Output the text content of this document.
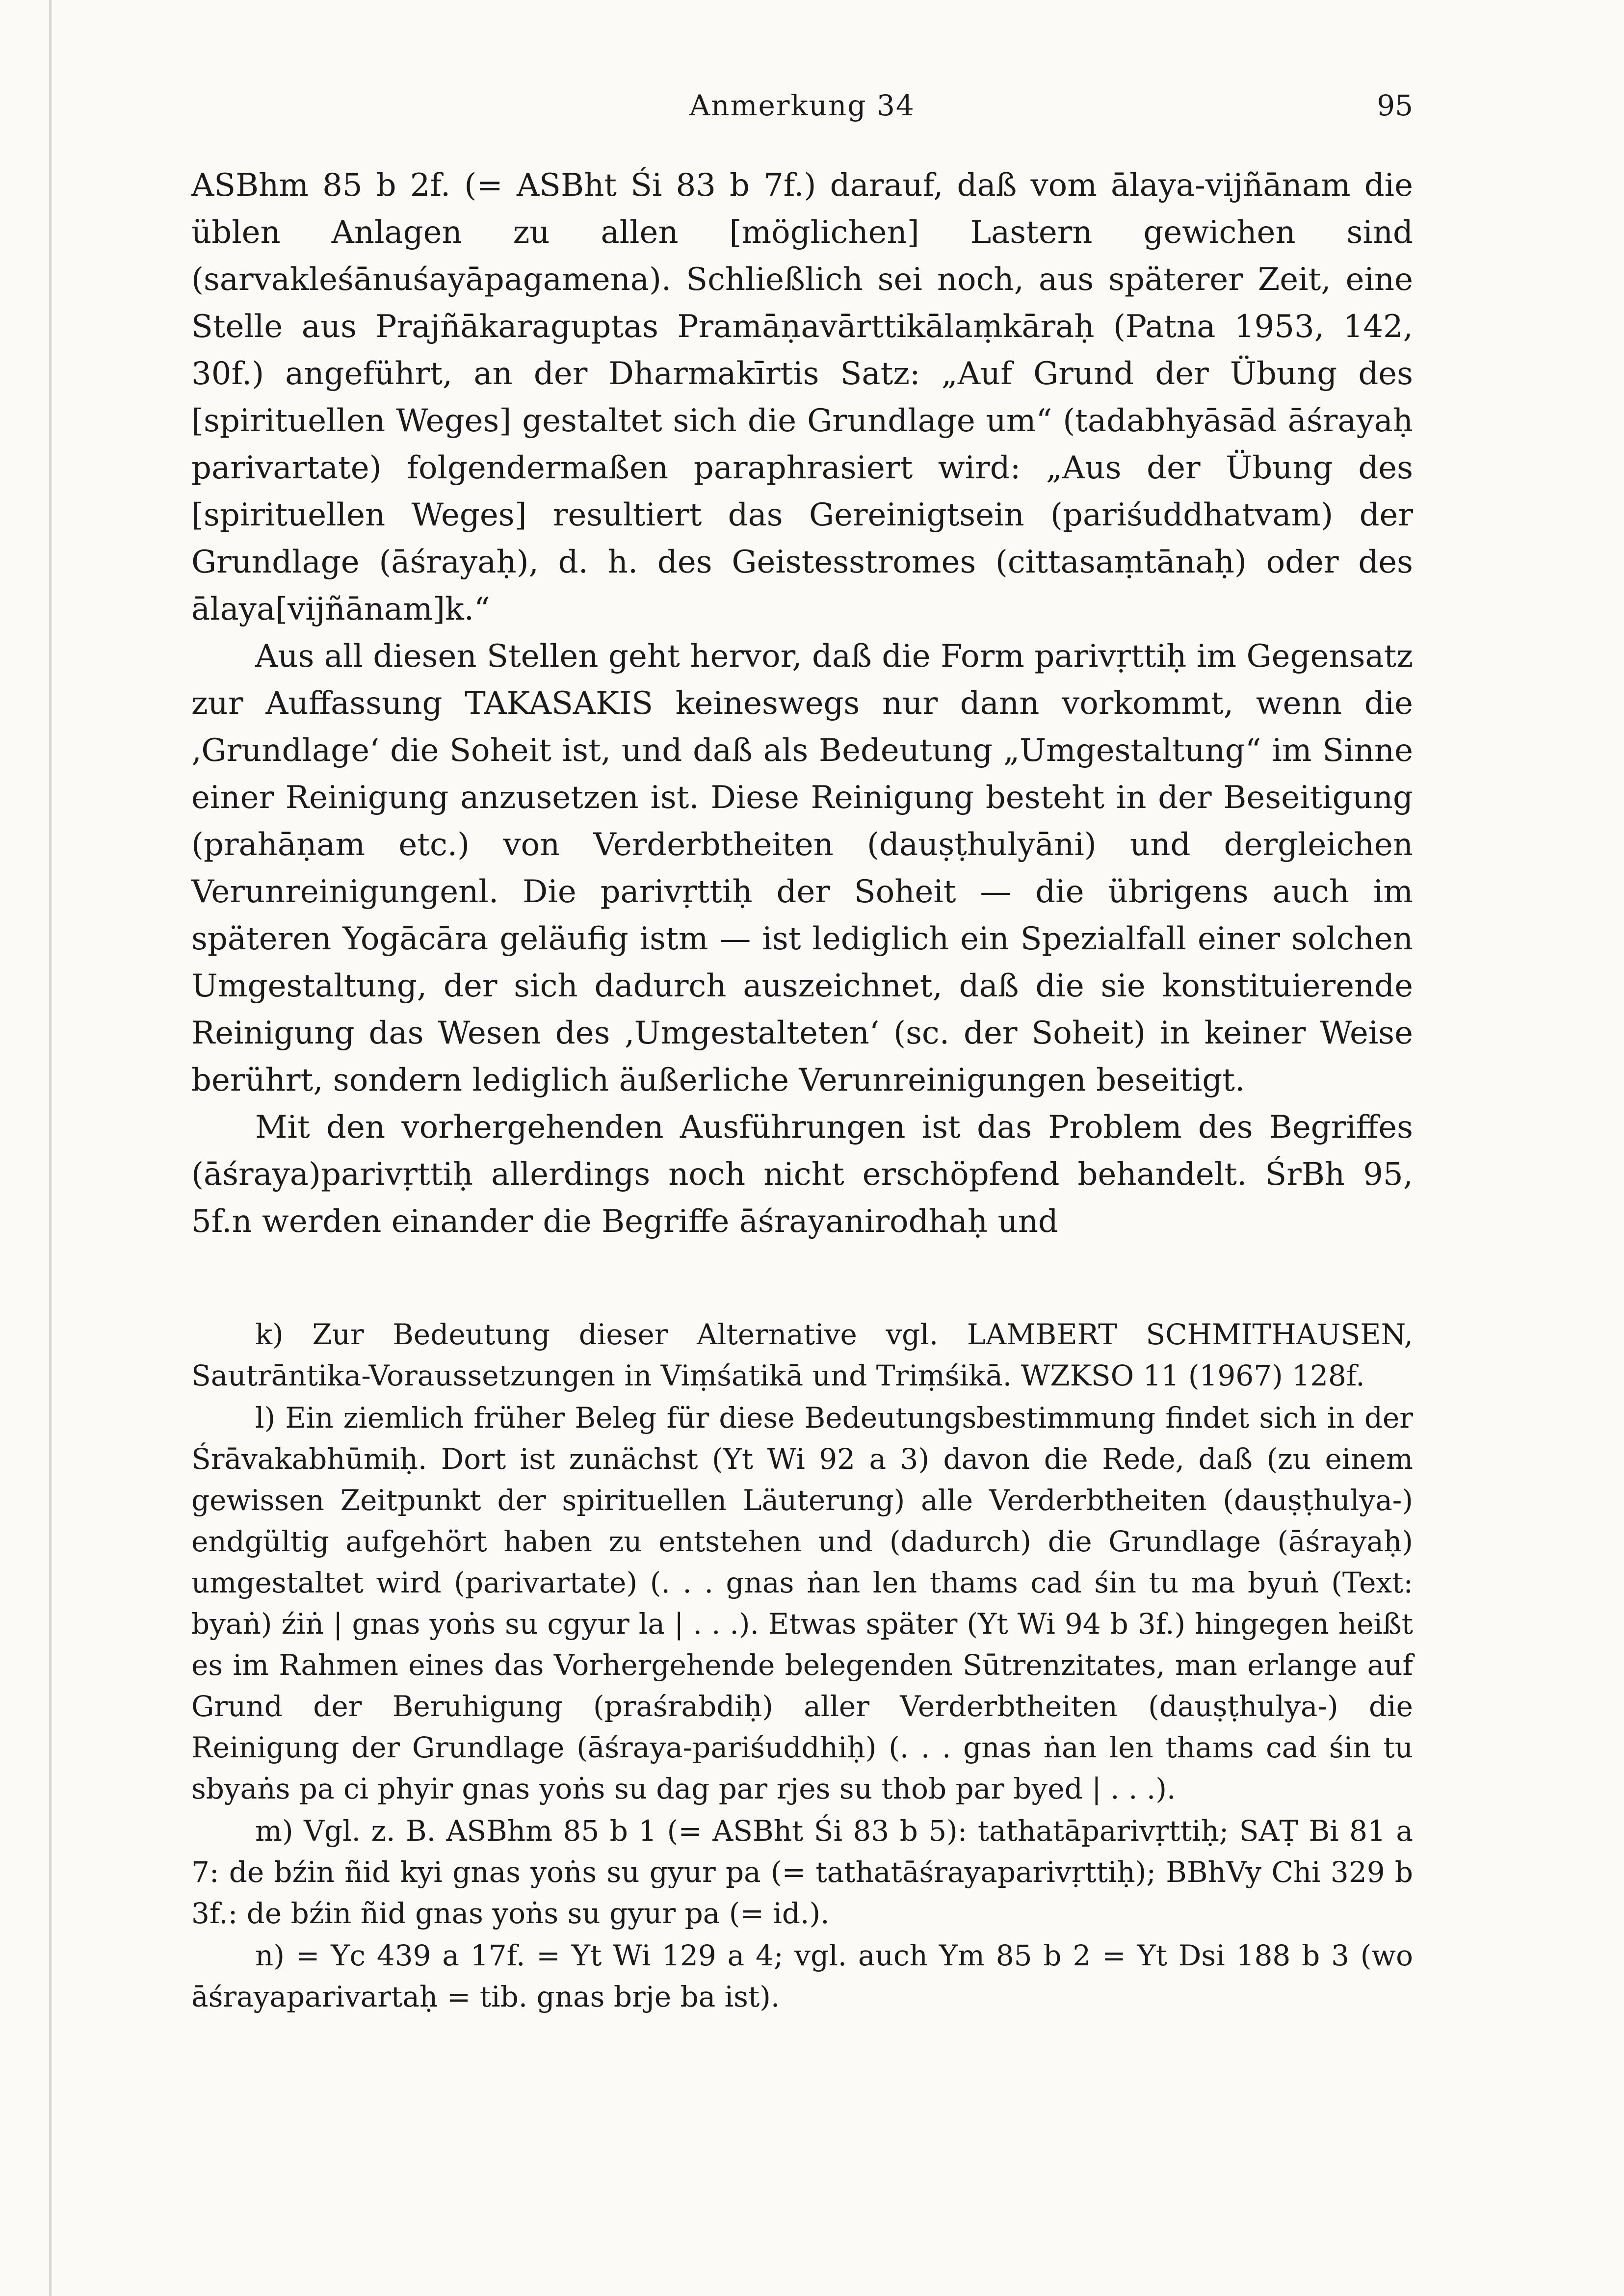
Anmerkung 34	95

ASBhm 85 b 2f. (= ASBht Śi 83 b 7f.) darauf, daß vom ālaya-vijñānam die üblen Anlagen zu allen [möglichen] Lastern gewichen sind (sarvakleśānuśayāpagamena). Schließlich sei noch, aus späterer Zeit, eine Stelle aus Prajñākaraguptas Pramāṇavārttikālaṃkāraḥ (Patna 1953, 142, 30f.) angeführt, an der Dharmakīrtis Satz: „Auf Grund der Übung des [spirituellen Weges] gestaltet sich die Grundlage um“ (tadabhyāsād āśrayaḥ parivartate) folgendermaßen paraphrasiert wird: „Aus der Übung des [spirituellen Weges] resultiert das Gereinigtsein (pariśuddhatvam) der Grundlage (āśrayaḥ), d. h. des Geistesstromes (cittasaṃtānaḥ) oder des ālaya[vijñānam]k.“

Aus all diesen Stellen geht hervor, daß die Form parivṛttiḥ im Gegensatz zur Auffassung TAKASAKIS keineswegs nur dann vorkommt, wenn die ‚Grundlage‘ die Soheit ist, und daß als Bedeutung „Umgestaltung“ im Sinne einer Reinigung anzusetzen ist. Diese Reinigung besteht in der Beseitigung (prahāṇam etc.) von Verderbtheiten (dauṣṭhulyāni) und dergleichen Verunreinigungenl. Die parivṛttiḥ der Soheit — die übrigens auch im späteren Yogācāra geläufig istm — ist lediglich ein Spezialfall einer solchen Umgestaltung, der sich dadurch auszeichnet, daß die sie konstituierende Reinigung das Wesen des ‚Umgestalteten‘ (sc. der Soheit) in keiner Weise berührt, sondern lediglich äußerliche Verunreinigungen beseitigt.

Mit den vorhergehenden Ausführungen ist das Problem des Begriffes (āśraya)parivṛttiḥ allerdings noch nicht erschöpfend behandelt. ŚrBh 95, 5f.n werden einander die Begriffe āśrayanirodhaḥ und

k) Zur Bedeutung dieser Alternative vgl. LAMBERT SCHMITHAUSEN, Sautrāntika-Voraussetzungen in Viṃśatikā und Triṃśikā. WZKSO 11 (1967) 128f.

l) Ein ziemlich früher Beleg für diese Bedeutungsbestimmung findet sich in der Śrāvakabhūmiḥ. Dort ist zunächst (Yt Wi 92 a 3) davon die Rede, daß (zu einem gewissen Zeitpunkt der spirituellen Läuterung) alle Verderbtheiten (dauṣṭhulya-) endgültig aufgehört haben zu entstehen und (dadurch) die Grundlage (āśrayaḥ) umgestaltet wird (parivartate) (. . . gnas ṅan len thams cad śin tu ma byuṅ (Text: byaṅ) źiṅ | gnas yoṅs su cgyur la | . . .). Etwas später (Yt Wi 94 b 3f.) hingegen heißt es im Rahmen eines das Vorhergehende belegenden Sūtrenzitates, man erlange auf Grund der Beruhigung (praśrabdiḥ) aller Verderbtheiten (dauṣṭhulya-) die Reinigung der Grundlage (āśraya-pariśuddhiḥ) (. . . gnas ṅan len thams cad śin tu sbyaṅs pa ci phyir gnas yoṅs su dag par rjes su thob par byed | . . .).

m) Vgl. z. B. ASBhm 85 b 1 (= ASBht Śi 83 b 5): tathatāparivṛttiḥ; SAṬ Bi 81 a 7: de bźin ñid kyi gnas yoṅs su gyur pa (= tathatāśrayaparivṛttiḥ); BBhVy Chi 329 b 3f.: de bźin ñid gnas yoṅs su gyur pa (= id.).

n) = Yc 439 a 17f. = Yt Wi 129 a 4; vgl. auch Ym 85 b 2 = Yt Dsi 188 b 3 (wo āśrayaparivartaḥ = tib. gnas brje ba ist).
